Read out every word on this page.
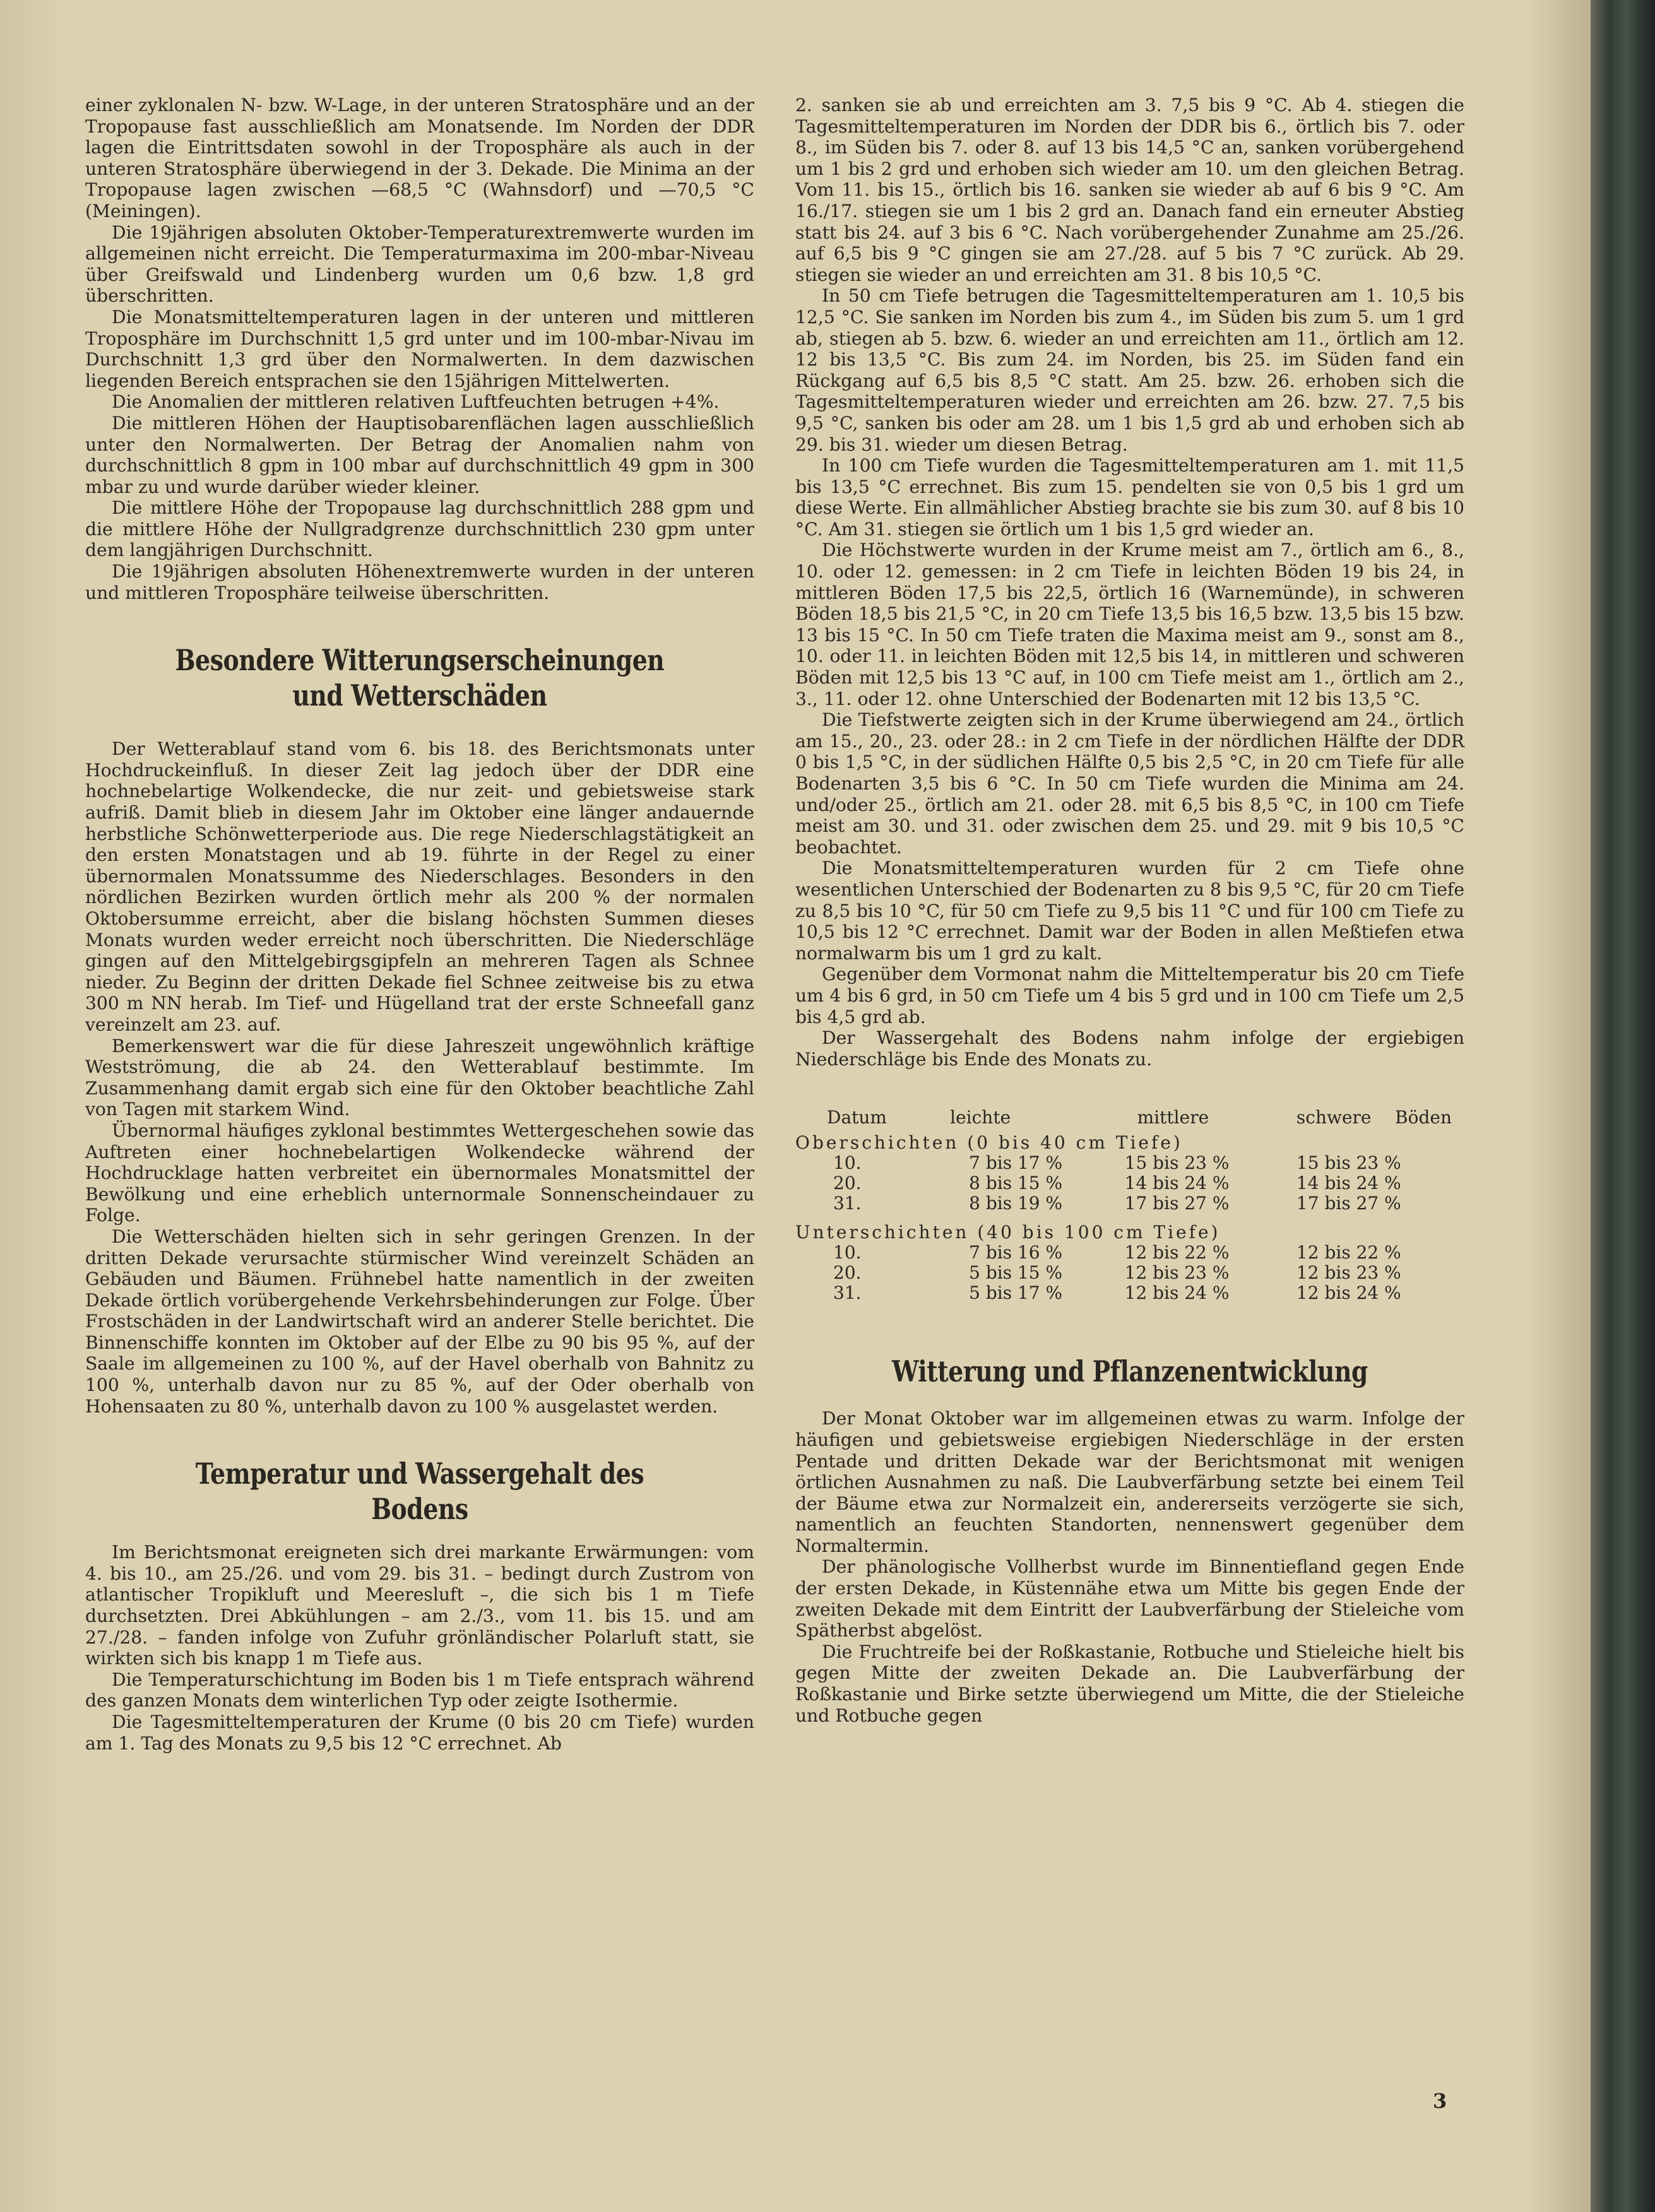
einer zyklonalen N- bzw. W-Lage, in der unteren Stratosphäre und an der Tropopause fast ausschließlich am Monatsende. Im Norden der DDR lagen die Eintrittsdaten sowohl in der Troposphäre als auch in der unteren Stratosphäre überwiegend in der 3. Dekade. Die Minima an der Tropopause lagen zwischen —68,5 °C (Wahnsdorf) und —70,5 °C (Meiningen).

Die 19jährigen absoluten Oktober-Temperaturextremwerte wurden im allgemeinen nicht erreicht. Die Temperaturmaxima im 200-mbar-Niveau über Greifswald und Lindenberg wurden um 0,6 bzw. 1,8 grd überschritten.

Die Monatsmitteltemperaturen lagen in der unteren und mittleren Troposphäre im Durchschnitt 1,5 grd unter und im 100-mbar-Nivau im Durchschnitt 1,3 grd über den Normalwerten. In dem dazwischen liegenden Bereich entsprachen sie den 15jährigen Mittelwerten.

Die Anomalien der mittleren relativen Luftfeuchten betrugen +4%.

Die mittleren Höhen der Hauptisobarenflächen lagen ausschließlich unter den Normalwerten. Der Betrag der Anomalien nahm von durchschnittlich 8 gpm in 100 mbar auf durchschnittlich 49 gpm in 300 mbar zu und wurde darüber wieder kleiner.

Die mittlere Höhe der Tropopause lag durchschnittlich 288 gpm und die mittlere Höhe der Nullgradgrenze durchschnittlich 230 gpm unter dem langjährigen Durchschnitt.

Die 19jährigen absoluten Höhenextremwerte wurden in der unteren und mittleren Troposphäre teilweise überschritten.

Besondere Witterungserscheinungen
und Wetterschäden

Der Wetterablauf stand vom 6. bis 18. des Berichtsmonats unter Hochdruckeinfluß. In dieser Zeit lag jedoch über der DDR eine hochnebelartige Wolkendecke, die nur zeit- und gebietsweise stark aufriß. Damit blieb in diesem Jahr im Oktober eine länger andauernde herbstliche Schönwetterperiode aus. Die rege Niederschlagstätigkeit an den ersten Monatstagen und ab 19. führte in der Regel zu einer übernormalen Monatssumme des Niederschlages. Besonders in den nördlichen Bezirken wurden örtlich mehr als 200 % der normalen Oktobersumme erreicht, aber die bislang höchsten Summen dieses Monats wurden weder erreicht noch überschritten. Die Niederschläge gingen auf den Mittelgebirgsgipfeln an mehreren Tagen als Schnee nieder. Zu Beginn der dritten Dekade fiel Schnee zeitweise bis zu etwa 300 m NN herab. Im Tief- und Hügelland trat der erste Schneefall ganz vereinzelt am 23. auf.

Bemerkenswert war die für diese Jahreszeit ungewöhnlich kräftige Westströmung, die ab 24. den Wetterablauf bestimmte. Im Zusammenhang damit ergab sich eine für den Oktober beachtliche Zahl von Tagen mit starkem Wind.

Übernormal häufiges zyklonal bestimmtes Wettergeschehen sowie das Auftreten einer hochnebelartigen Wolkendecke während der Hochdrucklage hatten verbreitet ein übernormales Monatsmittel der Bewölkung und eine erheblich unternormale Sonnenscheindauer zu Folge.

Die Wetterschäden hielten sich in sehr geringen Grenzen. In der dritten Dekade verursachte stürmischer Wind vereinzelt Schäden an Gebäuden und Bäumen. Frühnebel hatte namentlich in der zweiten Dekade örtlich vorübergehende Verkehrsbehinderungen zur Folge. Über Frostschäden in der Landwirtschaft wird an anderer Stelle berichtet. Die Binnenschiffe konnten im Oktober auf der Elbe zu 90 bis 95 %, auf der Saale im allgemeinen zu 100 %, auf der Havel oberhalb von Bahnitz zu 100 %, unterhalb davon nur zu 85 %, auf der Oder oberhalb von Hohensaaten zu 80 %, unterhalb davon zu 100 % ausgelastet werden.

Temperatur und Wassergehalt des Bodens

Im Berichtsmonat ereigneten sich drei markante Erwärmungen: vom 4. bis 10., am 25./26. und vom 29. bis 31. – bedingt durch Zustrom von atlantischer Tropikluft und Meeresluft –, die sich bis 1 m Tiefe durchsetzten. Drei Abkühlungen – am 2./3., vom 11. bis 15. und am 27./28. – fanden infolge von Zufuhr grönländischer Polarluft statt, sie wirkten sich bis knapp 1 m Tiefe aus.

Die Temperaturschichtung im Boden bis 1 m Tiefe entsprach während des ganzen Monats dem winterlichen Typ oder zeigte Isothermie.

Die Tagesmitteltemperaturen der Krume (0 bis 20 cm Tiefe) wurden am 1. Tag des Monats zu 9,5 bis 12 °C errechnet. Ab

2. sanken sie ab und erreichten am 3. 7,5 bis 9 °C. Ab 4. stiegen die Tagesmitteltemperaturen im Norden der DDR bis 6., örtlich bis 7. oder 8., im Süden bis 7. oder 8. auf 13 bis 14,5 °C an, sanken vorübergehend um 1 bis 2 grd und erhoben sich wieder am 10. um den gleichen Betrag. Vom 11. bis 15., örtlich bis 16. sanken sie wieder ab auf 6 bis 9 °C. Am 16./17. stiegen sie um 1 bis 2 grd an. Danach fand ein erneuter Abstieg statt bis 24. auf 3 bis 6 °C. Nach vorübergehender Zunahme am 25./26. auf 6,5 bis 9 °C gingen sie am 27./28. auf 5 bis 7 °C zurück. Ab 29. stiegen sie wieder an und erreichten am 31. 8 bis 10,5 °C.

In 50 cm Tiefe betrugen die Tagesmitteltemperaturen am 1. 10,5 bis 12,5 °C. Sie sanken im Norden bis zum 4., im Süden bis zum 5. um 1 grd ab, stiegen ab 5. bzw. 6. wieder an und erreichten am 11., örtlich am 12. 12 bis 13,5 °C. Bis zum 24. im Norden, bis 25. im Süden fand ein Rückgang auf 6,5 bis 8,5 °C statt. Am 25. bzw. 26. erhoben sich die Tagesmitteltemperaturen wieder und erreichten am 26. bzw. 27. 7,5 bis 9,5 °C, sanken bis oder am 28. um 1 bis 1,5 grd ab und erhoben sich ab 29. bis 31. wieder um diesen Betrag.

In 100 cm Tiefe wurden die Tagesmitteltemperaturen am 1. mit 11,5 bis 13,5 °C errechnet. Bis zum 15. pendelten sie von 0,5 bis 1 grd um diese Werte. Ein allmählicher Abstieg brachte sie bis zum 30. auf 8 bis 10 °C. Am 31. stiegen sie örtlich um 1 bis 1,5 grd wieder an.

Die Höchstwerte wurden in der Krume meist am 7., örtlich am 6., 8., 10. oder 12. gemessen: in 2 cm Tiefe in leichten Böden 19 bis 24, in mittleren Böden 17,5 bis 22,5, örtlich 16 (Warnemünde), in schweren Böden 18,5 bis 21,5 °C, in 20 cm Tiefe 13,5 bis 16,5 bzw. 13,5 bis 15 bzw. 13 bis 15 °C. In 50 cm Tiefe traten die Maxima meist am 9., sonst am 8., 10. oder 11. in leichten Böden mit 12,5 bis 14, in mittleren und schweren Böden mit 12,5 bis 13 °C auf, in 100 cm Tiefe meist am 1., örtlich am 2., 3., 11. oder 12. ohne Unterschied der Bodenarten mit 12 bis 13,5 °C.

Die Tiefstwerte zeigten sich in der Krume überwiegend am 24., örtlich am 15., 20., 23. oder 28.: in 2 cm Tiefe in der nördlichen Hälfte der DDR 0 bis 1,5 °C, in der südlichen Hälfte 0,5 bis 2,5 °C, in 20 cm Tiefe für alle Bodenarten 3,5 bis 6 °C. In 50 cm Tiefe wurden die Minima am 24. und/oder 25., örtlich am 21. oder 28. mit 6,5 bis 8,5 °C, in 100 cm Tiefe meist am 30. und 31. oder zwischen dem 25. und 29. mit 9 bis 10,5 °C beobachtet.

Die Monatsmitteltemperaturen wurden für 2 cm Tiefe ohne wesentlichen Unterschied der Bodenarten zu 8 bis 9,5 °C, für 20 cm Tiefe zu 8,5 bis 10 °C, für 50 cm Tiefe zu 9,5 bis 11 °C und für 100 cm Tiefe zu 10,5 bis 12 °C errechnet. Damit war der Boden in allen Meßtiefen etwa normalwarm bis um 1 grd zu kalt.

Gegenüber dem Vormonat nahm die Mitteltemperatur bis 20 cm Tiefe um 4 bis 6 grd, in 50 cm Tiefe um 4 bis 5 grd und in 100 cm Tiefe um 2,5 bis 4,5 grd ab.

Der Wassergehalt des Bodens nahm infolge der ergiebigen Niederschläge bis Ende des Monats zu.

Datum	leichte	mittlere	schwere	Böden
Oberschichten (0 bis 40 cm Tiefe)				
10.	7 bis 17 %	15 bis 23 %	15 bis 23 %	
20.	8 bis 15 %	14 bis 24 %	14 bis 24 %	
31.	8 bis 19 %	17 bis 27 %	17 bis 27 %	
Unterschichten (40 bis 100 cm Tiefe)				
10.	7 bis 16 %	12 bis 22 %	12 bis 22 %	
20.	5 bis 15 %	12 bis 23 %	12 bis 23 %	
31.	5 bis 17 %	12 bis 24 %	12 bis 24 %	
Witterung und Pflanzenentwicklung

Der Monat Oktober war im allgemeinen etwas zu warm. Infolge der häufigen und gebietsweise ergiebigen Niederschläge in der ersten Pentade und dritten Dekade war der Berichtsmonat mit wenigen örtlichen Ausnahmen zu naß. Die Laubverfärbung setzte bei einem Teil der Bäume etwa zur Normalzeit ein, andererseits verzögerte sie sich, namentlich an feuchten Standorten, nennenswert gegenüber dem Normaltermin.

Der phänologische Vollherbst wurde im Binnentiefland gegen Ende der ersten Dekade, in Küstennähe etwa um Mitte bis gegen Ende der zweiten Dekade mit dem Eintritt der Laubverfärbung der Stieleiche vom Spätherbst abgelöst.

Die Fruchtreife bei der Roßkastanie, Rotbuche und Stieleiche hielt bis gegen Mitte der zweiten Dekade an. Die Laubverfärbung der Roßkastanie und Birke setzte überwiegend um Mitte, die der Stieleiche und Rotbuche gegen

3
